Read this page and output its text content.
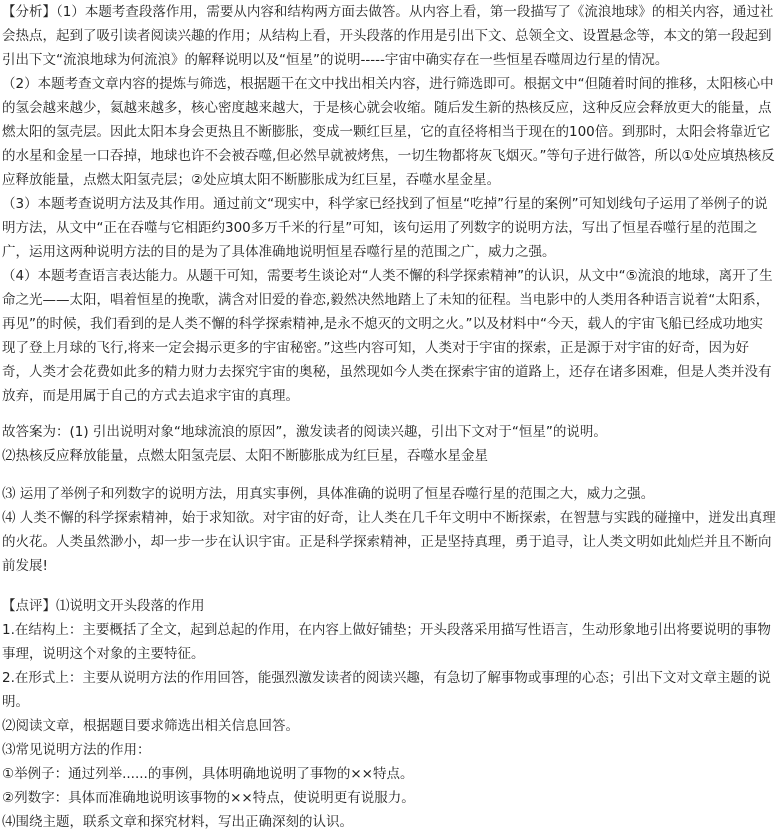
【分析】（1）本题考查段落作用，需要从内容和结构两方面去做答。从内容上看，第一段描写了《流浪地球》的相关内容，通过社会热点，起到了吸引读者阅读兴趣的作用；从结构上看，开头段落的作用是引出下文、总领全文、设置悬念等，本文的第一段起到引出下文“流浪地球为何流浪》的解释说明以及“恒星”的说明-----宇宙中确实存在一些恒星吞噬周边行星的情况。

（2）本题考查文章内容的提炼与筛选，根据题干在文中找出相关内容，进行筛选即可。根据文中“但随着时间的推移，太阳核心中的氢会越来越少，氦越来越多，核心密度越来越大，于是核心就会收缩。随后发生新的热核反应，这种反应会释放更大的能量，点燃太阳的氢壳层。因此太阳本身会更热且不断膨胀，变成一颗红巨星，它的直径将相当于现在的100倍。到那时，太阳会将靠近它的水星和金星一口吞掉，地球也许不会被吞噬,但必然早就被烤焦，一切生物都将灰飞烟灭。”等句子进行做答，所以①处应填热核反应释放能量，点燃太阳氢壳层；②处应填太阳不断膨胀成为红巨星，吞噬水星金星。

（3）本题考查说明方法及其作用。通过前文“现实中，科学家已经找到了恒星“吃掉”行星的案例”可知划线句子运用了举例子的说明方法，从文中“正在吞噬与它相距约300多万千米的行星”可知，该句运用了列数字的说明方法，写出了恒星吞噬行星的范围之广，运用这两种说明方法的目的是为了具体准确地说明恒星吞噬行星的范围之广，威力之强。

（4）本题考查语言表达能力。从题干可知，需要考生谈论对“人类不懈的科学探索精神”的认识，从文中“⑤流浪的地球，离开了生命之光——太阳，唱着恒星的挽歌，满含对旧爱的眷恋,毅然决然地踏上了未知的征程。当电影中的人类用各种语言说着“太阳系，再见”的时候，我们看到的是人类不懈的科学探索精神,是永不熄灭的文明之火。”以及材料中“今天，载人的宇宙飞船已经成功地实现了登上月球的飞行,将来一定会揭示更多的宇宙秘密。”这些内容可知，人类对于宇宙的探索，正是源于对宇宙的好奇，因为好奇，人类才会花费如此多的精力财力去探究宇宙的奥秘，虽然现如今人类在探索宇宙的道路上，还存在诸多困难，但是人类并没有放弃，而是用属于自己的方式去追求宇宙的真理。

故答案为：(1) 引出说明对象“地球流浪的原因”，激发读者的阅读兴趣，引出下文对于“恒星”的说明。

⑵热核反应释放能量，点燃太阳氢壳层、太阳不断膨胀成为红巨星，吞噬水星金星

⑶ 运用了举例子和列数字的说明方法，用真实事例，具体准确的说明了恒星吞噬行星的范围之大，威力之强。

⑷ 人类不懈的科学探索精神，始于求知欲。对宇宙的好奇，让人类在几千年文明中不断探索，在智慧与实践的碰撞中，迸发出真理的火花。人类虽然渺小，却一步一步在认识宇宙。正是科学探索精神，正是坚持真理，勇于追寻，让人类文明如此灿烂并且不断向前发展!

【点评】⑴说明文开头段落的作用

1.在结构上：主要概括了全文，起到总起的作用，在内容上做好铺垫；开头段落采用描写性语言，生动形象地引出将要说明的事物事理，说明这个对象的主要特征。

2.在形式上：主要从说明方法的作用回答，能强烈激发读者的阅读兴趣，有急切了解事物或事理的心态；引出下文对文章主题的说明。

⑵阅读文章，根据题目要求筛选出相关信息回答。

⑶常见说明方法的作用：

①举例子：通过列举......的事例，具体明确地说明了事物的××特点。

②列数字：具体而准确地说明该事物的××特点，使说明更有说服力。

⑷围绕主题，联系文章和探究材料，写出正确深刻的认识。
